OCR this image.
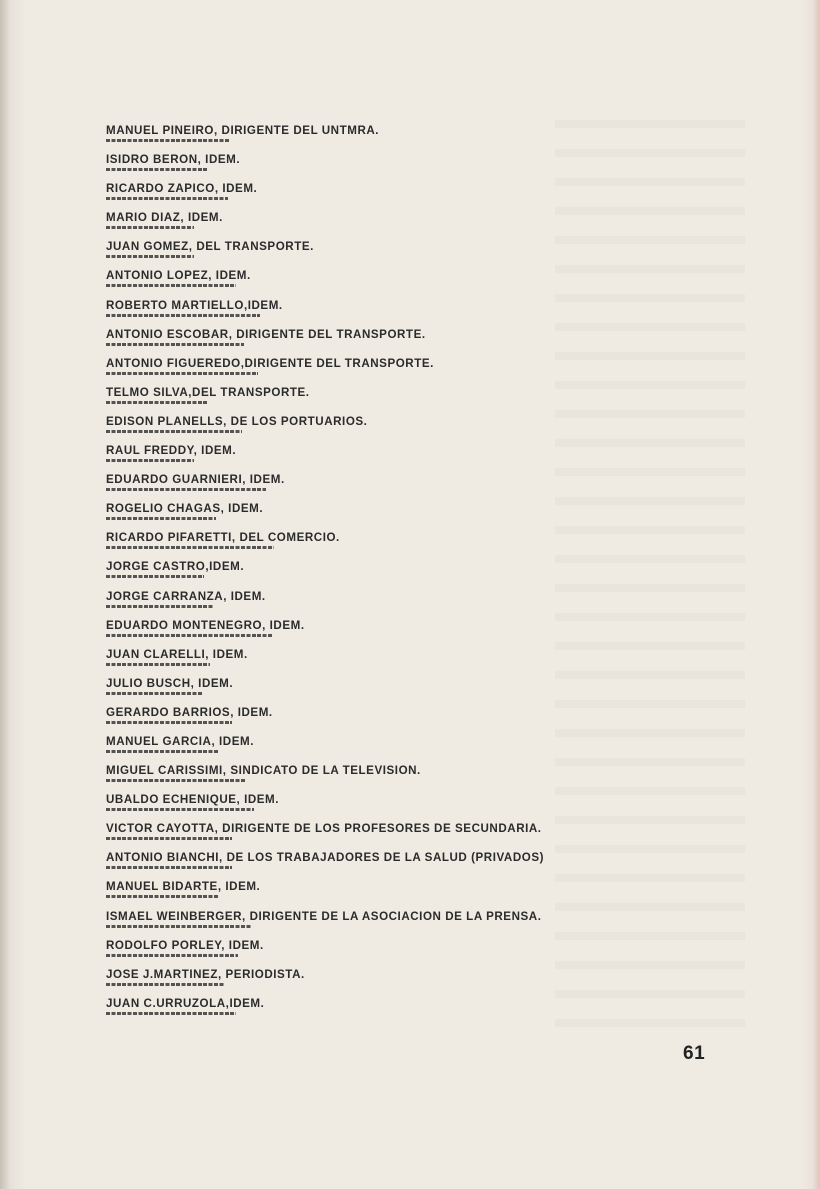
MANUEL PINEIRO, DIRIGENTE DEL UNTMRA.
ISIDRO BERON, IDEM.
RICARDO ZAPICO, IDEM.
MARIO DIAZ, IDEM.
JUAN GOMEZ, DEL TRANSPORTE.
ANTONIO LOPEZ, IDEM.
ROBERTO MARTIELLO,IDEM.
ANTONIO ESCOBAR, DIRIGENTE DEL TRANSPORTE.
ANTONIO FIGUEREDO,DIRIGENTE DEL TRANSPORTE.
TELMO SILVA,DEL TRANSPORTE.
EDISON PLANELLS, DE LOS PORTUARIOS.
RAUL FREDDY, IDEM.
EDUARDO GUARNIERI, IDEM.
ROGELIO CHAGAS, IDEM.
RICARDO PIFARETTI, DEL COMERCIO.
JORGE CASTRO,IDEM.
JORGE CARRANZA, IDEM.
EDUARDO MONTENEGRO, IDEM.
JUAN CLARELLI, IDEM.
JULIO BUSCH, IDEM.
GERARDO BARRIOS, IDEM.
MANUEL GARCIA, IDEM.
MIGUEL CARISSIMI, SINDICATO DE LA TELEVISION.
UBALDO ECHENIQUE, IDEM.
VICTOR CAYOTTA, DIRIGENTE DE LOS PROFESORES DE SECUNDARIA.
ANTONIO BIANCHI, DE LOS TRABAJADORES DE LA SALUD (PRIVADOS)
MANUEL BIDARTE, IDEM.
ISMAEL WEINBERGER, DIRIGENTE DE LA ASOCIACION DE LA PRENSA.
RODOLFO PORLEY, IDEM.
JOSE J.MARTINEZ, PERIODISTA.
JUAN C.URRUZOLA,IDEM.
61
